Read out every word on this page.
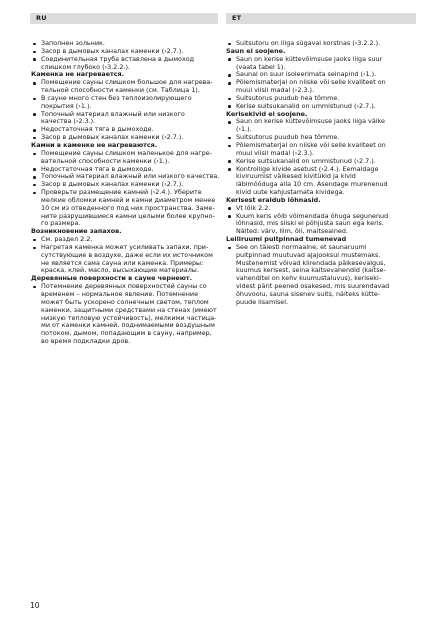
RU	ET
Заполнен зольник.
Засор в дымовых каналах каменки (›2.7.).
Соединительная труба вставлена в дымоход
слишком глубоко (›3.2.2.).
Каменка не нагревается.
Помещение сауны слишком большое для нагрева-
тельной способности каменки (см. Таблица 1).
В сауне много стен без теплоизолирующего
покрытия (›1.).
Топочный материал влажный или низкого
качества (›2.3.).
Недостаточная тяга в дымоходе.
Засор в дымовых каналах каменки (›2.7.).
Камни в каменке не нагреваются.
Помещение сауны слишком маленькое для нагре-
вательной способности каменки (›1.).
Недостаточная тяга в дымоходе.
Топочный материал влажный или низкого качества.
Засор в дымовых каналах каменки (›2.7.).
Проверьте размещение камней (›2.4.). Уберите
мелкие обломки камней и камни диаметром менее
10 см из отведенного под них пространства. Заме-
ните разрушившиеся камни целыми более крупно-
го размера.
Возникновение запахов.
См. раздел 2.2.
Нагретая каменка может усиливать запахи, при-
сутствующие в воздухе, даже если их источником
не является сама сауна или каменка. Примеры:
краска, клей, масло, высыхающие материалы.
Деревянные поверхности в сауне чернеют.
Потемнение деревянных поверхностей сауны со
временем – нормальное явление. Потемнение
может быть ускорено солнечным светом, теплом
каменки, защитными средствами на стенах (имеют
низкую тепловую устойчивость), мелкими частица-
ми от каменки камней, поднимаемыми воздушным
потоком, дымом, попадающим в сауну, например,
во время подкладки дров.
Suitsutoru on liiga sügaval korstnas (›3.2.2.).
Saun ei soojene.
Saun on kerise küttevõimsuse jaoks liiga suur
(vaata tabel 1).
Saunal on suur isoleerimata seinapind (›1.).
Põlemismaterjal on niiske või selle kvaliteet on
muul viisil madal (›2.3.).
Suitsutorus puudub hea tõmme.
Kerise suitsukanalid on ummistunud (›2.7.).
Kerisekivid ei soojene.
Saun on kerise küttevõimsuse jaoks liiga väike
(›1.).
Suitsutorus puudub hea tõmme.
Põlemismaterjal on niiske või selle kvaliteet on
muul viisil madal (›2.3.).
Kerise suitsukanalid on ummistunud (›2.7.).
Kontrollige kivide asetust (›2.4.). Eemaldage
kiviruumist väikesed kivitükid ja kivid
läbimõõduga alla 10 cm. Asendage murenenud
kivid uute kahjustamata kividega.
Kerisest eraldub lõhnasid.
Vt lõik 2.2.
Kuum keris võib võimendada õhuga segunenud
lõhnasid, mis siiski ei põhjusta saun ega keris.
Näited: värv, liim, õli, maitseained.
Leiliruumi puitpinnad tumenevad
See on täiesti normaalne, et saunaruumi
puitpinnad muutuvad ajajooksul mustemaks.
Mustenemist võivad kiirendada päikesevalgus,
kuumus kerisest, seina kaitsevahendid (kaitse-
vahenditel on kehv kuumustaluvus), keriseki-
videst pärit peened osakesed, mis suurendavad
õhuvoolu, sauna sisenev suits, näiteks kütte-
puude lisamisel.
10
